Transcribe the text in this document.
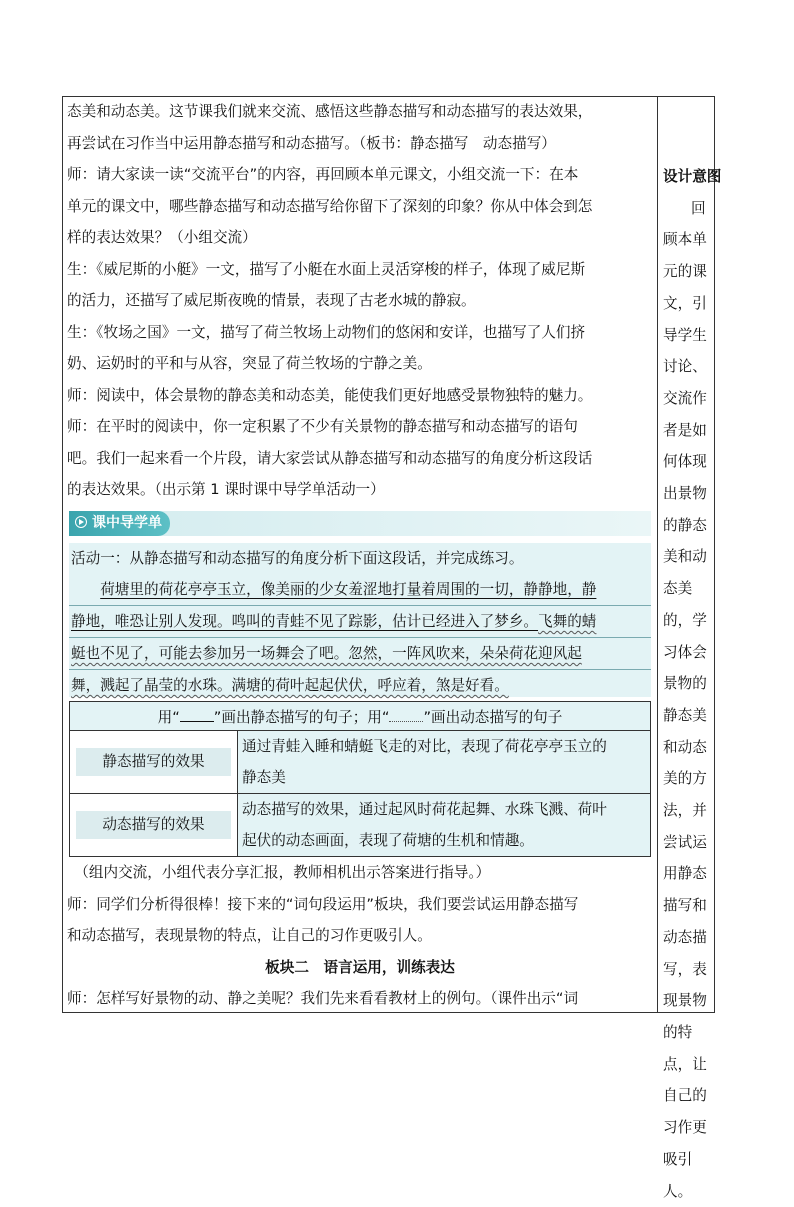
态美和动态美。这节课我们就来交流、感悟这些静态描写和动态描写的表达效果，

再尝试在习作当中运用静态描写和动态描写。（板书：静态描写　动态描写）

师：请大家读一读“交流平台”的内容，再回顾本单元课文，小组交流一下：在本

单元的课文中，哪些静态描写和动态描写给你留下了深刻的印象？你从中体会到怎

样的表达效果？（小组交流）

生：《威尼斯的小艇》一文，描写了小艇在水面上灵活穿梭的样子，体现了威尼斯

的活力，还描写了威尼斯夜晚的情景，表现了古老水城的静寂。

生：《牧场之国》一文，描写了荷兰牧场上动物们的悠闲和安详，也描写了人们挤

奶、运奶时的平和与从容，突显了荷兰牧场的宁静之美。

师：阅读中，体会景物的静态美和动态美，能使我们更好地感受景物独特的魅力。

师：在平时的阅读中，你一定积累了不少有关景物的静态描写和动态描写的语句

吧。我们一起来看一个片段，请大家尝试从静态描写和动态描写的角度分析这段话

的表达效果。（出示第 1 课时课中导学单活动一）

课中导学单

活动一：从静态描写和动态描写的角度分析下面这段话，并完成练习。

　　荷塘里的荷花亭亭玉立，像美丽的少女羞涩地打量着周围的一切，静静地，静

静地，唯恐让别人发现。鸣叫的青蛙不见了踪影，估计已经进入了梦乡。飞舞的蜻

蜓也不见了，可能去参加另一场舞会了吧。忽然，一阵风吹来，朵朵荷花迎风起

舞，溅起了晶莹的水珠。满塘的荷叶起起伏伏，呼应着，煞是好看。

用“ ”画出静态描写的句子；用“ ”画出动态描写的句子	

静态描写的效果	通过青蛙入睡和蜻蜓飞走的对比，表现了荷花亭亭玉立的
静态美

动态描写的效果	动态描写的效果，通过起风时荷花起舞、水珠飞溅、荷叶
起伏的动态画面，表现了荷塘的生机和情趣。

　（组内交流，小组代表分享汇报，教师相机出示答案进行指导。）

师：同学们分析得很棒！接下来的“词句段运用”板块，我们要尝试运用静态描写

和动态描写，表现景物的特点，让自己的习作更吸引人。

板块二　语言运用，训练表达

师：怎样写好景物的动、静之美呢？我们先来看看教材上的例句。（课件出示“词

设计意图
回顾本单元的课文，引导学生讨论、交流作者是如何体现出景物的静态美和动态美的，学习体会景物的静态美和动态美的方法，并尝试运用静态描写和动态描写，表现景物的特点，让自己的习作更吸引人。
